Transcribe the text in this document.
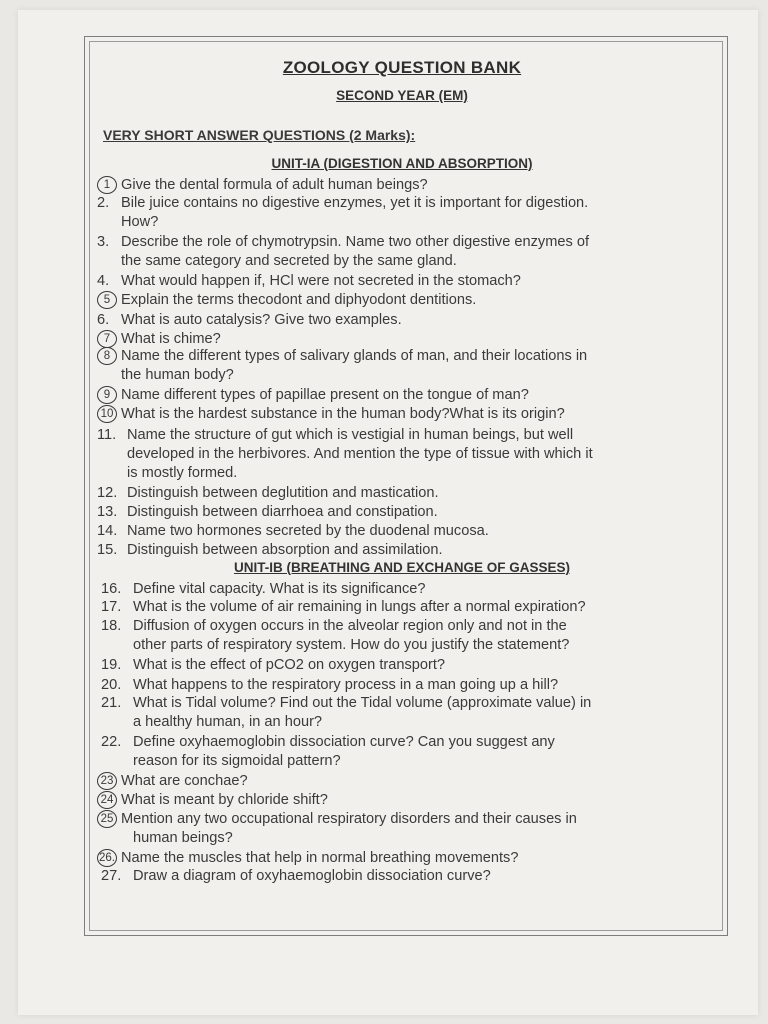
ZOOLOGY QUESTION BANK
SECOND YEAR (EM)
VERY SHORT ANSWER QUESTIONS (2 Marks):
UNIT-IA (DIGESTION AND ABSORPTION)
UNIT-IB (BREATHING AND EXCHANGE OF GASSES)
1 Give the dental formula of adult human beings?
2. Bile juice contains no digestive enzymes, yet it is important for digestion.
How?
3. Describe the role of chymotrypsin. Name two other digestive enzymes of
the same category and secreted by the same gland.
4. What would happen if, HCl were not secreted in the stomach?
5 Explain the terms thecodont and diphyodont dentitions.
6. What is auto catalysis? Give two examples.
7 What is chime?
8 Name the different types of salivary glands of man, and their locations in
the human body?
9 Name different types of papillae present on the tongue of man?
10 What is the hardest substance in the human body?What is its origin?
11. Name the structure of gut which is vestigial in human beings, but well
developed in the herbivores. And mention the type of tissue with which it
is mostly formed.
12. Distinguish between deglutition and mastication.
13. Distinguish between diarrhoea and constipation.
14. Name two hormones secreted by the duodenal mucosa.
15. Distinguish between absorption and assimilation.
16. Define vital capacity. What is its significance?
17. What is the volume of air remaining in lungs after a normal expiration?
18. Diffusion of oxygen occurs in the alveolar region only and not in the
other parts of respiratory system. How do you justify the statement?
19. What is the effect of pCO2 on oxygen transport?
20. What happens to the respiratory process in a man going up a hill?
21. What is Tidal volume? Find out the Tidal volume (approximate value) in
a healthy human, in an hour?
22. Define oxyhaemoglobin dissociation curve? Can you suggest any
reason for its sigmoidal pattern?
23 What are conchae?
24 What is meant by chloride shift?
25 Mention any two occupational respiratory disorders and their causes in
human beings?
26. Name the muscles that help in normal breathing movements?
27. Draw a diagram of oxyhaemoglobin dissociation curve?
